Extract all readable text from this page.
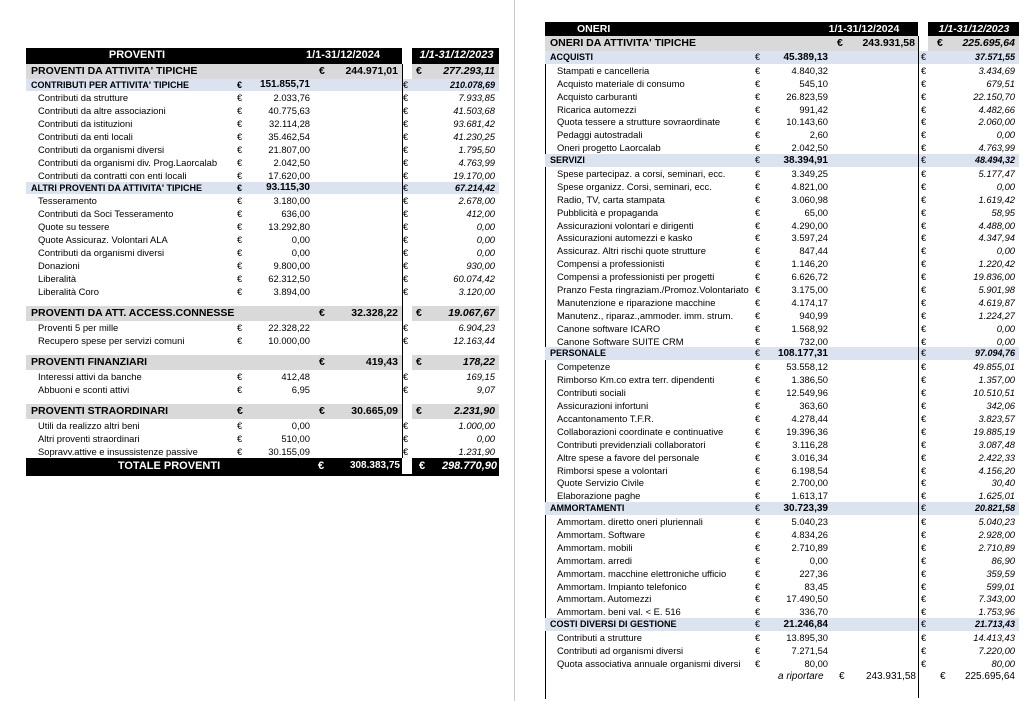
PROVENTI	1/1-31/12/2024	1/1-31/12/2023
PROVENTI DA ATTIVITA' TIPICHE	€	244.971,01 €	277.293,11
CONTRIBUTI PER ATTIVITA' TIPICHE	€	151.855,71	€	210.078,69
Contributi da strutture	€	2.033,76	€	7.933,85
Contributi da altre associazioni	€	40.775,63	€	41.503,68
Contributi da istituzioni	€	32.114,28	€	93.681,42
Contributi da enti locali	€	35.462,54	€	41.230,25
Contributi da organismi diversi	€	21.807,00	€	1.795,50
Contributi da organismi div. Prog.Laorcalab €	2.042,50	€	4.763,99
Contributi da contratti con enti locali	€	17.620,00	€	19.170,00
ALTRI PROVENTI DA ATTIVITA' TIPICHE	€	93.115,30	€	67.214,42
Tesseramento	€	3.180,00	€	2.678,00
Contributi da Soci Tesseramento	€	636,00	€	412,00
Quote su tessere	€	13.292,80	€	0,00
Quote Assicuraz. Volontari ALA	€	0,00	€	0,00
Contributi da organismi diversi	€	0,00	€	0,00
Donazioni	€	9.800,00	€	930,00
Liberalità	€	62.312,50	€	60.074,42
Liberalità Coro	€	3.894,00	€	3.120,00
PROVENTI DA ATT. ACCESS.CONNESSE	€	32.328,22 €	19.067,67
Proventi 5 per mille	€	22.328,22	€	6.904,23
Recupero spese per servizi comuni	€	10.000,00	€	12.163,44
PROVENTI FINANZIARI	€	419,43 €	178,22
Interessi attivi da banche	€	412,48	€	169,15
Abbuoni e sconti attivi	€	6,95	€	9,07
PROVENTI STRAORDINARI	€	€	30.665,09 €	2.231,90
Utili da realizzo altri beni	€	0,00	€	1.000,00
Altri proventi straordinari	€	510,00	€	0,00
Sopravv.attive e insussistenze passive	€	30.155,09	€	1.231,90
TOTALE PROVENTI	€	308.383,75 €	298.770,90
ONERI	1/1-31/12/2024	1/1-31/12/2023
ONERI DA ATTIVITA' TIPICHE	€	243.931,58 €	225.695,64
ACQUISTI	€	45.389,13	€	37.571,55
Stampati e cancelleria	€	4.840,32	€	3.434,69
Acquisto materiale di consumo	€	545,10	€	679,51
Acquisto carburanti	€	26.823,59	€	22.150,70
Ricarica automezzi	€	991,42	€	4.482,66
Quota tessere a strutture sovraordinate	€	10.143,60	€	2.060,00
Pedaggi autostradali	€	2,60	€	0,00
Oneri progetto Laorcalab	€	2.042,50	€	4.763,99
SERVIZI	€	38.394,91	€	48.494,32
Spese partecipaz. a corsi, seminari, ecc.	€	3.349,25	€	5.177,47
Spese organizz. Corsi, seminari, ecc.	€	4.821,00	€	0,00
Radio, TV, carta stampata	€	3.060,98	€	1.619,42
Pubblicità e propaganda	€	65,00	€	58,95
Assicurazioni volontari e dirigenti	€	4.290,00	€	4.488,00
Assicurazioni automezzi e kasko	€	3.597,24	€	4.347,94
Assicuraz. Altri rischi quote strutture	€	847,44	€	0,00
Compensi a professionisti	€	1.146,20	€	1.220,42
Compensi a professionisti per progetti	€	6.626,72	€	19.836,00
Pranzo Festa ringraziam./Promoz.Volontariato €	3.175,00	€	5.901,98
Manutenzione e riparazione macchine	€	4.174,17	€	4.619,87
Manutenz., riparaz.,ammoder. imm. strum. €	940,99	€	1.224,27
Canone software ICARO	€	1.568,92	€	0,00
Canone Software SUITE CRM	€	732,00	€	0,00
PERSONALE	€	108.177,31	€	97.094,76
Competenze	€	53.558,12	€	49.855,01
Rimborso Km.co extra terr. dipendenti	€	1.386,50	€	1.357,00
Contributi sociali	€	12.549,96	€	10.510,51
Assicurazioni infortuni	€	363,60	€	342,06
Accantonamento T.F.R.	€	4.278,44	€	3.823,57
Collaborazioni coordinate e continuative	€	19.396,36	€	19.885,19
Contributi previdenziali collaboratori	€	3.116,28	€	3.087,48
Altre spese a favore del personale	€	3.016,34	€	2.422,33
Rimborsi spese a volontari	€	6.198,54	€	4.156,20
Quote Servizio Civile	€	2.700,00	€	30,40
Elaborazione paghe	€	1.613,17	€	1.625,01
AMMORTAMENTI	€	30.723,39	€	20.821,58
Ammortam. diretto oneri pluriennali	€	5.040,23	€	5.040,23
Ammortam. Software	€	4.834,26	€	2.928,00
Ammortam. mobili	€	2.710,89	€	2.710,89
Ammortam. arredi	€	0,00	€	86,90
Ammortam. macchine elettroniche ufficio	€	227,36	€	359,59
Ammortam. Impianto telefonico	€	83,45	€	599,01
Ammortam. Automezzi	€	17.490,50	€	7.343,00
Ammortam. beni val. < E. 516	€	336,70	€	1.753,96
COSTI DIVERSI DI GESTIONE	€	21.246,84	€	21.713,43
Contributi a strutture	€	13.895,30	€	14.413,43
Contributi ad organismi diversi	€	7.271,54	€	7.220,00
Quota associativa annuale organismi diversi €	80,00	€	80,00
a riportare €	243.931,58 €	225.695,64
